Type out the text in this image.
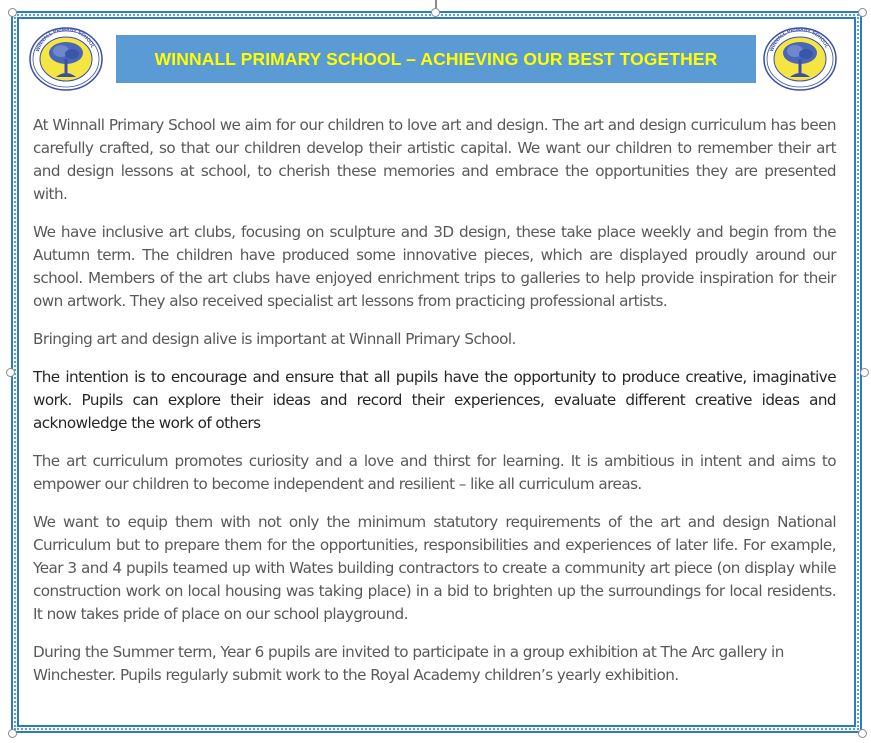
WINNALL PRIMARY SCHOOL
WINNALL PRIMARY SCHOOL – ACHIEVING OUR BEST TOGETHER	WINNALL PRIMARY SCHOOL

At Winnall Primary School we aim for our children to love art and design. The art and design curriculum has been carefully crafted, so that our children develop their artistic capital. We want our children to remember their art and design lessons at school, to cherish these memories and embrace the opportunities they are presented with.

We have inclusive art clubs, focusing on sculpture and 3D design, these take place weekly and begin from the Autumn term. The children have produced some innovative pieces, which are displayed proudly around our school. Members of the art clubs have enjoyed enrichment trips to galleries to help provide inspiration for their own artwork. They also received specialist art lessons from practicing professional artists.

Bringing art and design alive is important at Winnall Primary School.

The intention is to encourage and ensure that all pupils have the opportunity to produce creative, imaginative work. Pupils can explore their ideas and record their experiences, evaluate different creative ideas and acknowledge the work of others

The art curriculum promotes curiosity and a love and thirst for learning. It is ambitious in intent and aims to empower our children to become independent and resilient – like all curriculum areas.

We want to equip them with not only the minimum statutory requirements of the art and design National Curriculum but to prepare them for the opportunities, responsibilities and experiences of later life. For example, Year 3 and 4 pupils teamed up with Wates building contractors to create a community art piece (on display while construction work on local housing was taking place) in a bid to brighten up the surroundings for local residents. It now takes pride of place on our school playground.

During the Summer term, Year 6 pupils are invited to participate in a group exhibition at The Arc gallery in Winchester. Pupils regularly submit work to the Royal Academy children’s yearly exhibition.
